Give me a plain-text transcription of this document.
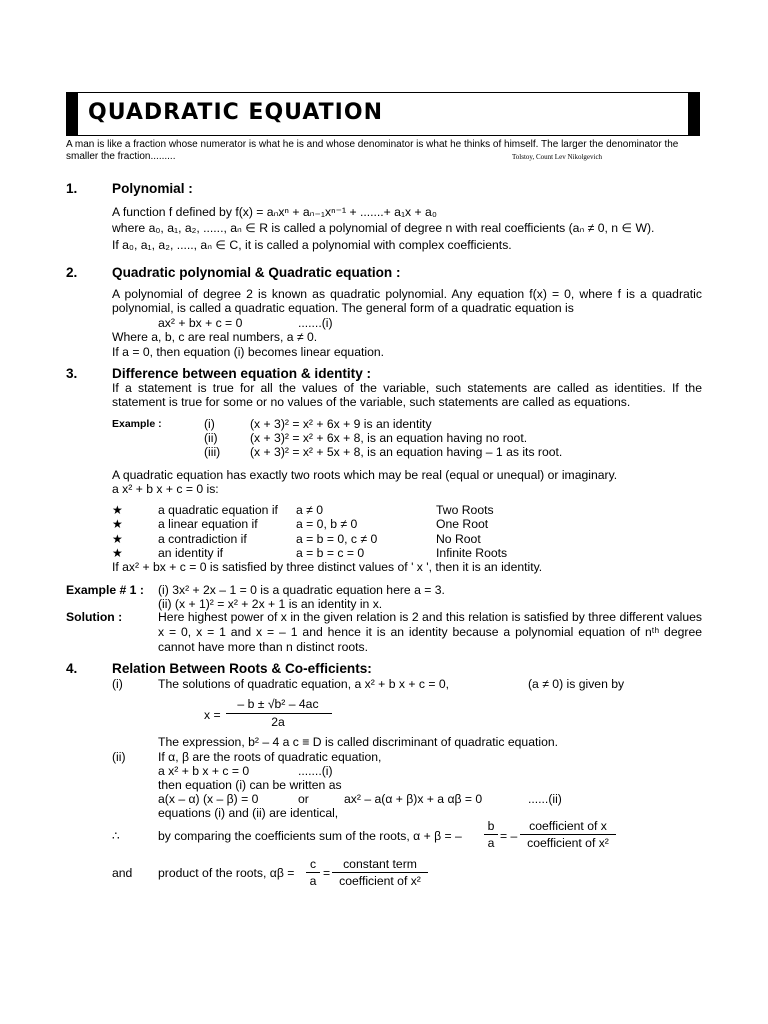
QUADRATIC EQUATION
A man is like a fraction whose numerator is what he is and whose denominator is what he thinks of himself. The larger the denominator the smaller the fraction.........	Tolstoy, Count Lev Nikolgevich
1.	Polynomial :
A function f defined by f(x) = aₙxⁿ + aₙ₋₁xⁿ⁻¹ + .......+ a₁x + a₀
where a₀, a₁, a₂, ......, aₙ ∈ R is called a polynomial of degree n with real coefficients (aₙ ≠ 0, n ∈ W).
If a₀, a₁, a₂, ....., aₙ ∈ C, it is called a polynomial with complex coefficients.
2.	Quadratic polynomial & Quadratic equation :
A polynomial of degree 2 is known as quadratic polynomial. Any equation f(x) = 0, where f is a quadratic polynomial, is called a quadratic equation. The general form of a quadratic equation is
ax² + bx + c = 0	.......(i)
Where a, b, c are real numbers, a ≠ 0.
If a = 0, then equation (i) becomes linear equation.
3.	Difference between equation & identity :
If a statement is true for all the values of the variable, such statements are called as identities. If the statement is true for some or no values of the variable, such statements are called as equations.
Example :	(i)	(x + 3)² = x² + 6x + 9 is an identity
(ii)	(x + 3)² = x² + 6x + 8, is an equation having no root.
(iii) (x + 3)² = x² + 5x + 8, is an equation having – 1 as its root.
A quadratic equation has exactly two roots which may be real (equal or unequal) or imaginary.
a x² + b x + c = 0 is:
★	a quadratic equation if a ≠ 0	Two Roots
★	a linear equation if	a = 0, b ≠ 0	One Root
★	a contradiction if	a = b = 0, c ≠ 0	No Root
★	an identity if	a = b = c = 0	Infinite Roots
If ax² + bx + c = 0 is satisfied by three distinct values of ' x ', then it is an identity.
Example # 1 : (i) 3x² + 2x – 1 = 0 is a quadratic equation here a = 3.
(ii) (x + 1)² = x² + 2x + 1 is an identity in x.
Solution :	Here highest power of x in the given relation is 2 and this relation is satisfied by three different values x = 0, x = 1 and x = – 1 and hence it is an identity because a polynomial equation of nᵗʰ degree cannot have more than n distinct roots.
4.	Relation Between Roots & Co-efficients:
(i)	The solutions of quadratic equation, a x² + b x + c = 0,	(a ≠ 0) is given by
x =
– b ± √b² – 4ac
2a
The expression, b² – 4 a c ≡ D is called discriminant of quadratic equation.
(ii)	If α, β are the roots of quadratic equation,
a x² + b x + c = 0	.......(i)
then equation (i) can be written as
a(x – α) (x – β) = 0	or	ax² – a(α + β)x + a αβ = 0	......(ii)
equations (i) and (ii) are identical,
∴	by comparing the coefficients sum of the roots, α + β = –
b
a = –
coefficient of x
coefficient of x²
and product of the roots, αβ =
c
a
=
constant term
coefficient of x²
